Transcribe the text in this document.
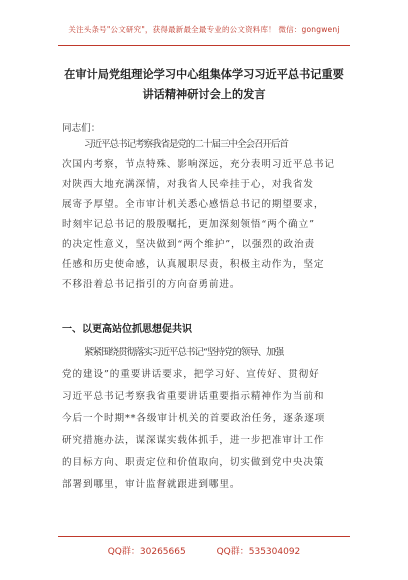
关注头条号"公文研究"，获得最新最全最专业的公文资料库！ 微信：gongwenj
在审计局党组理论学习中心组集体学习习近平总书记重要
讲话精神研讨会上的发言
同志们：
习近平总书记考察我省是党的二十届三中全会召开后首
次国内考察，节点特殊、影响深远，充分表明习近平总书记
对陕西大地充满深情，对我省人民牵挂于心，对我省发
展寄予厚望。全市审计机关悉心感悟总书记的期望要求，
时刻牢记总书记的殷殷嘱托，更加深刻领悟“两个确立”
的决定性意义，坚决做到“两个维护”，以强烈的政治责
任感和历史使命感，认真履职尽责，积极主动作为，坚定
不移沿着总书记指引的方向奋勇前进。
一、以更高站位抓思想促共识
紧紧围绕贯彻落实习近平总书记“坚持党的领导、加强
党的建设”的重要讲话要求，把学习好、宣传好、贯彻好
习近平总书记考察我省重要讲话重要指示精神作为当前和
今后一个时期**各级审计机关的首要政治任务，逐条逐项
研究措施办法，谋深谋实载体抓手，进一步把准审计工作
的目标方向、职责定位和价值取向，切实做到党中央决策
部署到哪里，审计监督就跟进到哪里。
QQ群：30265665	QQ群：535304092
